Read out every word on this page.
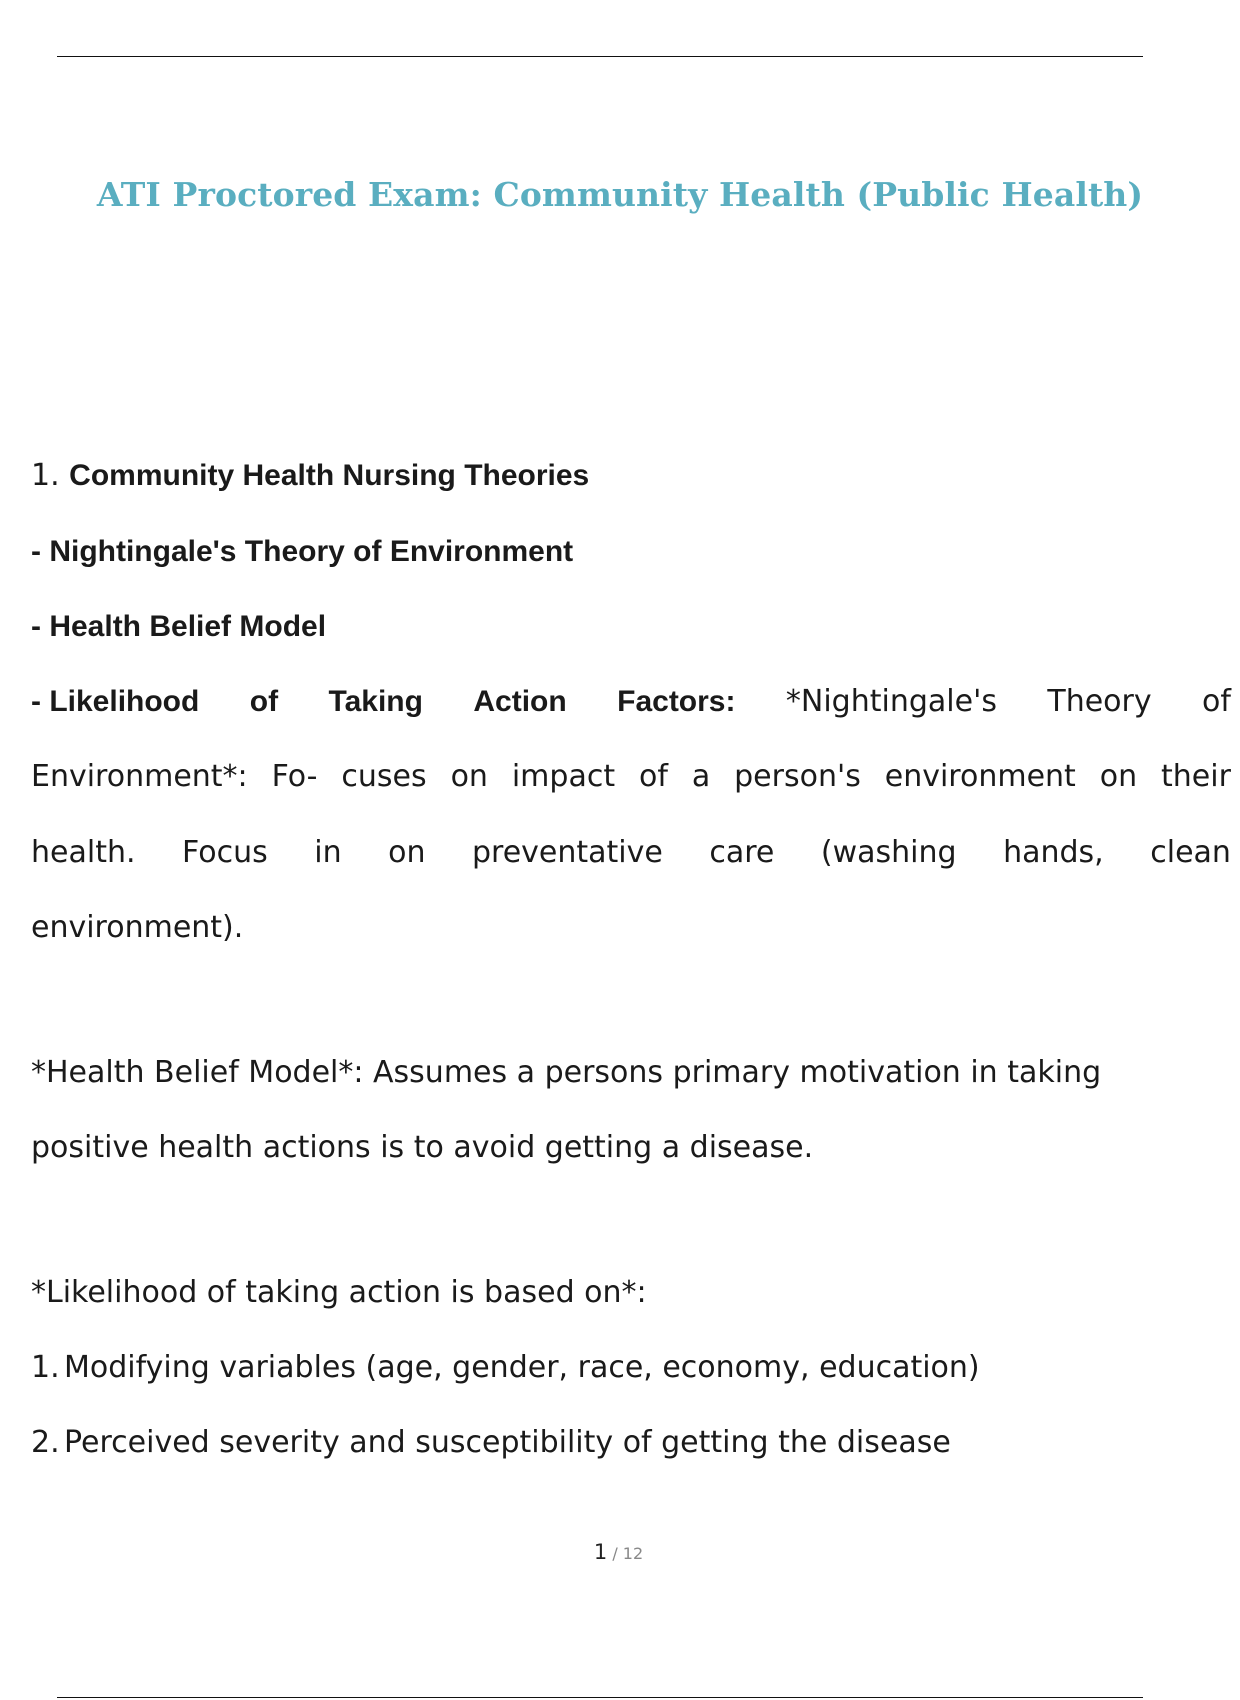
ATI Proctored Exam: Community Health (Public Health)
1. Community Health Nursing Theories
- Nightingale's Theory of Environment
- Health Belief Model
- Likelihood of Taking Action Factors: *Nightingale's Theory of
Environment*: Fo- cuses on impact of a person's environment on their
health. Focus in on preventative care (washing hands, clean
environment).
*Health Belief Model*: Assumes a persons primary motivation in taking
positive health actions is to avoid getting a disease.
*Likelihood of taking action is based on*:
1. Modifying variables (age, gender, race, economy, education)
2. Perceived severity and susceptibility of getting the disease
1 / 12
